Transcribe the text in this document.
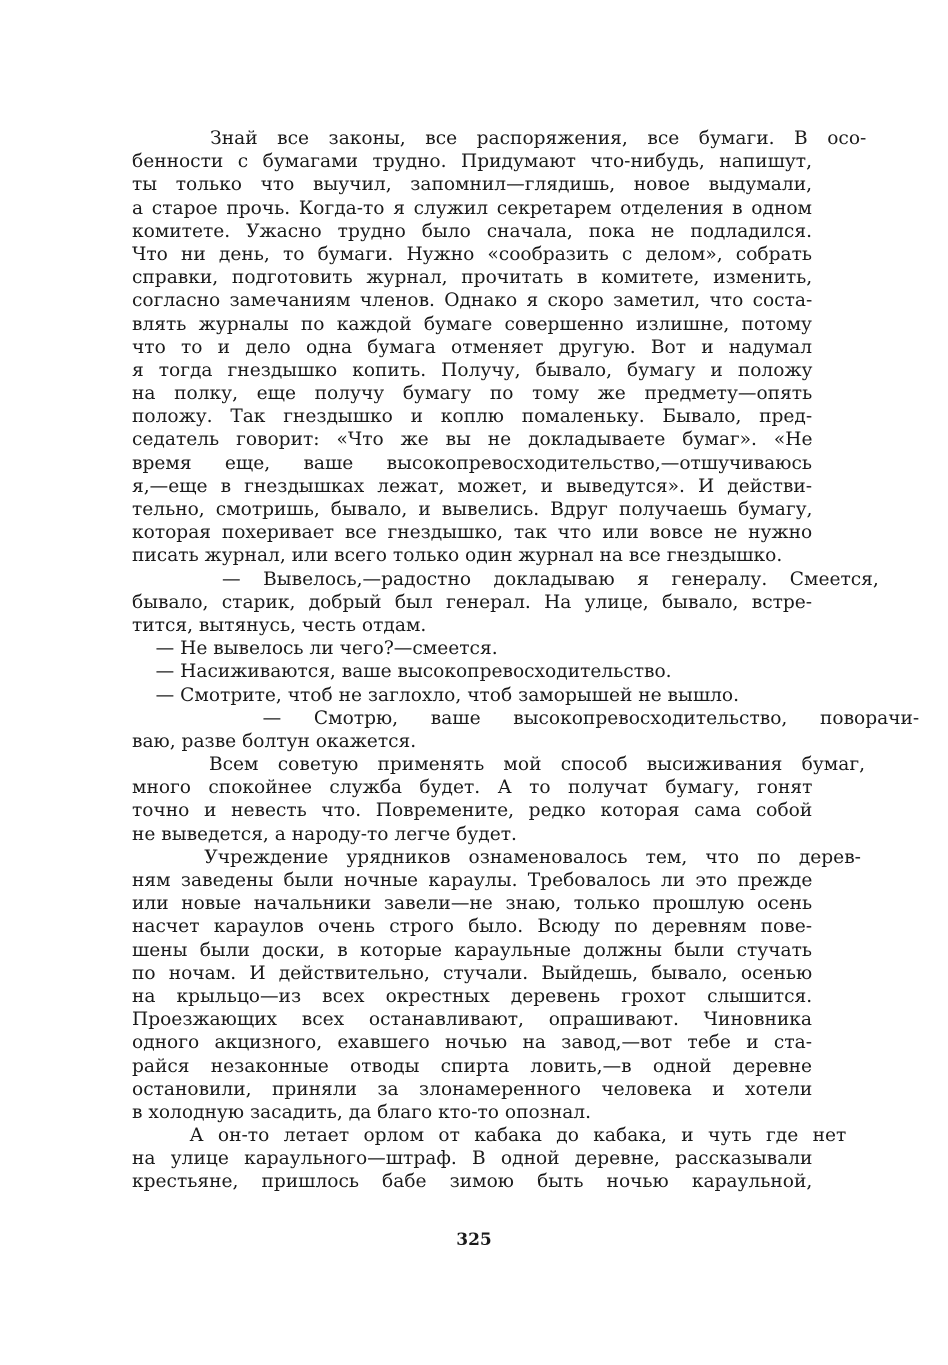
Знай все законы, все распоряжения, все бумаги. В осо-
бенности с бумагами трудно. Придумают что-нибудь, напишут,
ты только что выучил, запомнил—глядишь, новое выдумали,
а старое прочь. Когда-то я служил секретарем отделения в одном
комитете. Ужасно трудно было сначала, пока не подладился.
Что ни день, то бумаги. Нужно «сообразить с делом», собрать
справки, подготовить журнал, прочитать в комитете, изменить,
согласно замечаниям членов. Однако я скоро заметил, что соста-
влять журналы по каждой бумаге совершенно излишне, потому
что то и дело одна бумага отменяет другую. Вот и надумал
я тогда гнездышко копить. Получу, бывало, бумагу и положу
на полку, еще получу бумагу по тому же предмету—опять
положу. Так гнездышко и коплю помаленьку. Бывало, пред-
седатель говорит: «Что же вы не докладываете бумаг». «Не
время еще, ваше высокопревосходительство,—отшучиваюсь
я,—еще в гнездышках лежат, может, и выведутся». И действи-
тельно, смотришь, бывало, и вывелись. Вдруг получаешь бумагу,
которая похеривает все гнездышко, так что или вовсе не нужно
писать журнал, или всего только один журнал на все гнездышко.
— Вывелось,—радостно докладываю я генералу. Смеется,
бывало, старик, добрый был генерал. На улице, бывало, встре-
тится, вытянусь, честь отдам.
— Не вывелось ли чего?—смеется.
— Насиживаются, ваше высокопревосходительство.
— Смотрите, чтоб не заглохло, чтоб заморышей не вышло.
— Смотрю, ваше высокопревосходительство, поворачи-
ваю, разве болтун окажется.
Всем советую применять мой способ высиживания бумаг,
много спокойнее служба будет. А то получат бумагу, гонят
точно и невесть что. Повремените, редко которая сама собой
не выведется, а народу-то легче будет.
Учреждение урядников ознаменовалось тем, что по дерев-
ням заведены были ночные караулы. Требовалось ли это прежде
или новые начальники завели—не знаю, только прошлую осень
насчет караулов очень строго было. Всюду по деревням пове-
шены были доски, в которые караульные должны были стучать
по ночам. И действительно, стучали. Выйдешь, бывало, осенью
на крыльцо—из всех окрестных деревень грохот слышится.
Проезжающих всех останавливают, опрашивают. Чиновника
одного акцизного, ехавшего ночью на завод,—вот тебе и ста-
райся незаконные отводы спирта ловить,—в одной деревне
остановили, приняли за злонамеренного человека и хотели
в холодную засадить, да благо кто-то опознал.
А он-то летает орлом от кабака до кабака, и чуть где нет
на улице караульного—штраф. В одной деревне, рассказывали
крестьяне, пришлось бабе зимою быть ночью караульной,
325
